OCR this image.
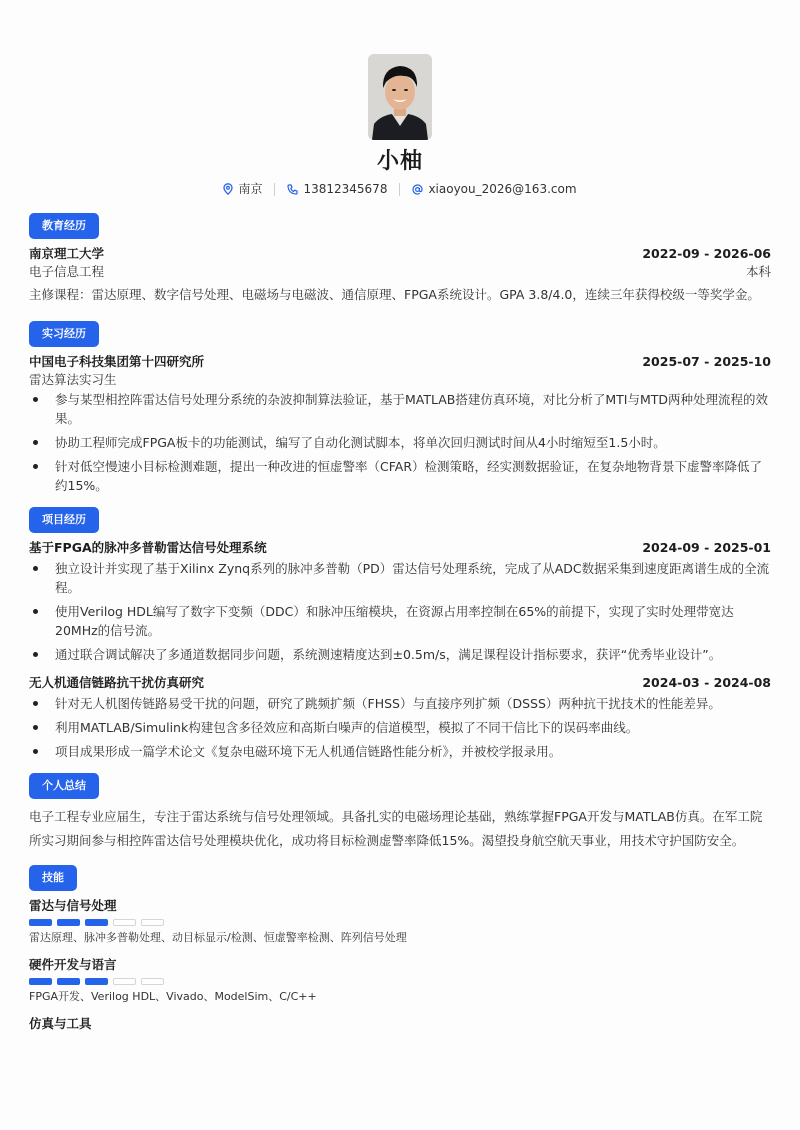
小柚
南京	13812345678	xiaoyou_2026@163.com
教育经历
南京理工大学	2022-09 - 2026-06
电子信息工程	本科
主修课程：雷达原理、数字信号处理、电磁场与电磁波、通信原理、FPGA系统设计。GPA 3.8/4.0，连续三年获得校级一等奖学金。
实习经历
中国电子科技集团第十四研究所	2025-07 - 2025-10
雷达算法实习生
参与某型相控阵雷达信号处理分系统的杂波抑制算法验证，基于MATLAB搭建仿真环境，对比分析了MTI与MTD两种处理流程的效果。
协助工程师完成FPGA板卡的功能测试，编写了自动化测试脚本，将单次回归测试时间从4小时缩短至1.5小时。
针对低空慢速小目标检测难题，提出一种改进的恒虚警率（CFAR）检测策略，经实测数据验证，在复杂地物背景下虚警率降低了约15%。
项目经历
基于FPGA的脉冲多普勒雷达信号处理系统	2024-09 - 2025-01
独立设计并实现了基于Xilinx Zynq系列的脉冲多普勒（PD）雷达信号处理系统，完成了从ADC数据采集到速度距离谱生成的全流程。
使用Verilog HDL编写了数字下变频（DDC）和脉冲压缩模块，在资源占用率控制在65%的前提下，实现了实时处理带宽达20MHz的信号流。
通过联合调试解决了多通道数据同步问题，系统测速精度达到±0.5m/s，满足课程设计指标要求，获评“优秀毕业设计”。
无人机通信链路抗干扰仿真研究	2024-03 - 2024-08
针对无人机图传链路易受干扰的问题，研究了跳频扩频（FHSS）与直接序列扩频（DSSS）两种抗干扰技术的性能差异。
利用MATLAB/Simulink构建包含多径效应和高斯白噪声的信道模型，模拟了不同干信比下的误码率曲线。
项目成果形成一篇学术论文《复杂电磁环境下无人机通信链路性能分析》，并被校学报录用。
个人总结
电子工程专业应届生，专注于雷达系统与信号处理领域。具备扎实的电磁场理论基础，熟练掌握FPGA开发与MATLAB仿真。在军工院所实习期间参与相控阵雷达信号处理模块优化，成功将目标检测虚警率降低15%。渴望投身航空航天事业，用技术守护国防安全。
技能
雷达与信号处理
雷达原理、脉冲多普勒处理、动目标显示/检测、恒虚警率检测、阵列信号处理
硬件开发与语言
FPGA开发、Verilog HDL、Vivado、ModelSim、C/C++
仿真与工具
